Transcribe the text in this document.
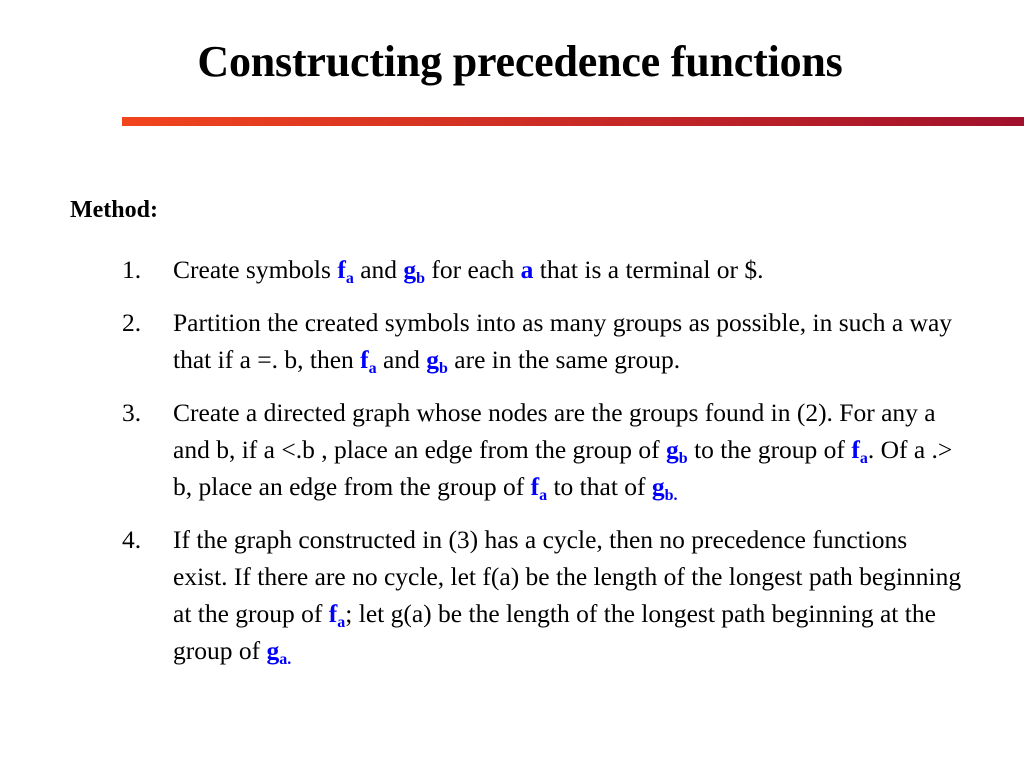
Constructing precedence functions
Method:
1. Create symbols $f_a$ and $g_b$ for each a that is a terminal or $.
2. Partition the created symbols into as many groups as possible, in such a way that if a =. b, then $f_a$ and $g_b$ are in the same group.
3. Create a directed graph whose nodes are the groups found in (2). For any a and b, if a <.b , place an edge from the group of $g_b$ to the group of $f_a$. Of a .> b, place an edge from the group of $f_a$ to that of $g_{b.}$
4. If the graph constructed in (3) has a cycle, then no precedence functions exist. If there are no cycle, let f(a) be the length of the longest path beginning at the group of $f_a$; let g(a) be the length of the longest path beginning at the group of $g_{a.}$
